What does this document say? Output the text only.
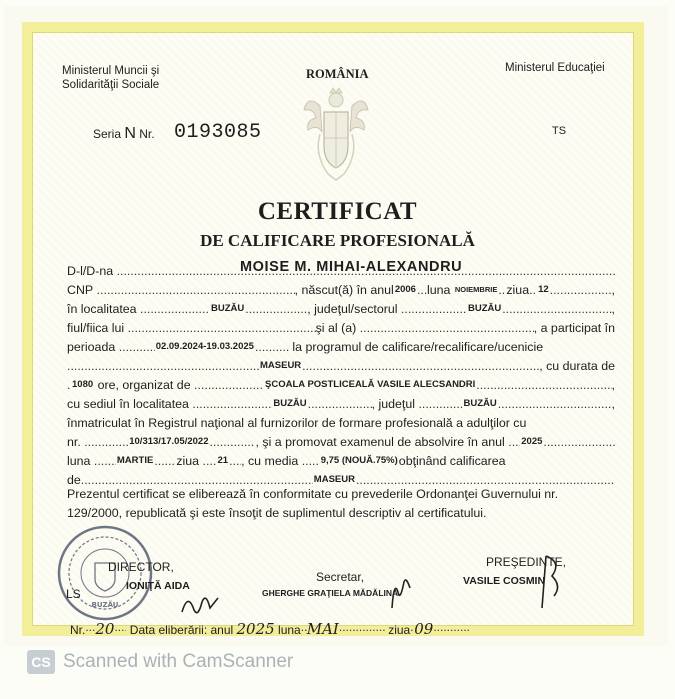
Ministerul Muncii şi
Solidarităţii Sociale
ROMÂNIA	Ministerul Educaţiei
Seria N Nr. 0193085	TS
CERTIFICAT
DE CALIFICARE PROFESIONALĂ
MOISE M. MIHAI-ALEXANDRU
D-l/D-na

.....
CNP
.....	, născut(ă) în anul 2006 ..... luna
NOIEMBRIE ..... ziua ..... 12 .....	,
în localitatea
.....	BUZĂU .....	, judeţul/sectorul
.....	BUZĂU .....	,
fiul/fiica lui
.....	şi al (a)
.....	, a participat în
perioada
.....	02.09.2024-19.03.2025 .....
	la programul de calificare/recalificare/ucenicie
.....
MASEUR .....	, cu durata de
.....
1080
ore, organizat de
.....	ŞCOALA POSTLICEALĂ VASILE ALECSANDRI .....	,
cu sediul în localitatea
.....	BUZĂU .....	, judeţul
.....	BUZĂU .....	,
înmatriculat în Registrul naţional al furnizorilor de formare profesională a adulţilor cu
nr.
.....	10/313/17.05/2022 .....	, şi a promovat examenul de absolvire în anul
..... 2025
.....
luna
.....	MARTIE ..... ziua
..... 21 ..... , cu media
..... 9,75 (NOUĂ.75%) obţinând calificarea
de .....	MASEUR
.....
Prezentul certificat se eliberează în conformitate cu prevederile Ordonanţei Guvernului nr. 129/2000, republicată şi este însoţit de suplimentul descriptiv al certificatului.
BUZĂU
DIRECTOR,
IONIŢĂ AIDA
LS
Secretar,
GHERGHE GRAŢIELA MĂDĂLINA
PREŞEDINTE,
VASILE COSMIN
Nr. ..... 20 ..... Data eliberării: anul 2025 luna ..... MAI .....	ziua ..... 09.....
CS Scanned with CamScanner
